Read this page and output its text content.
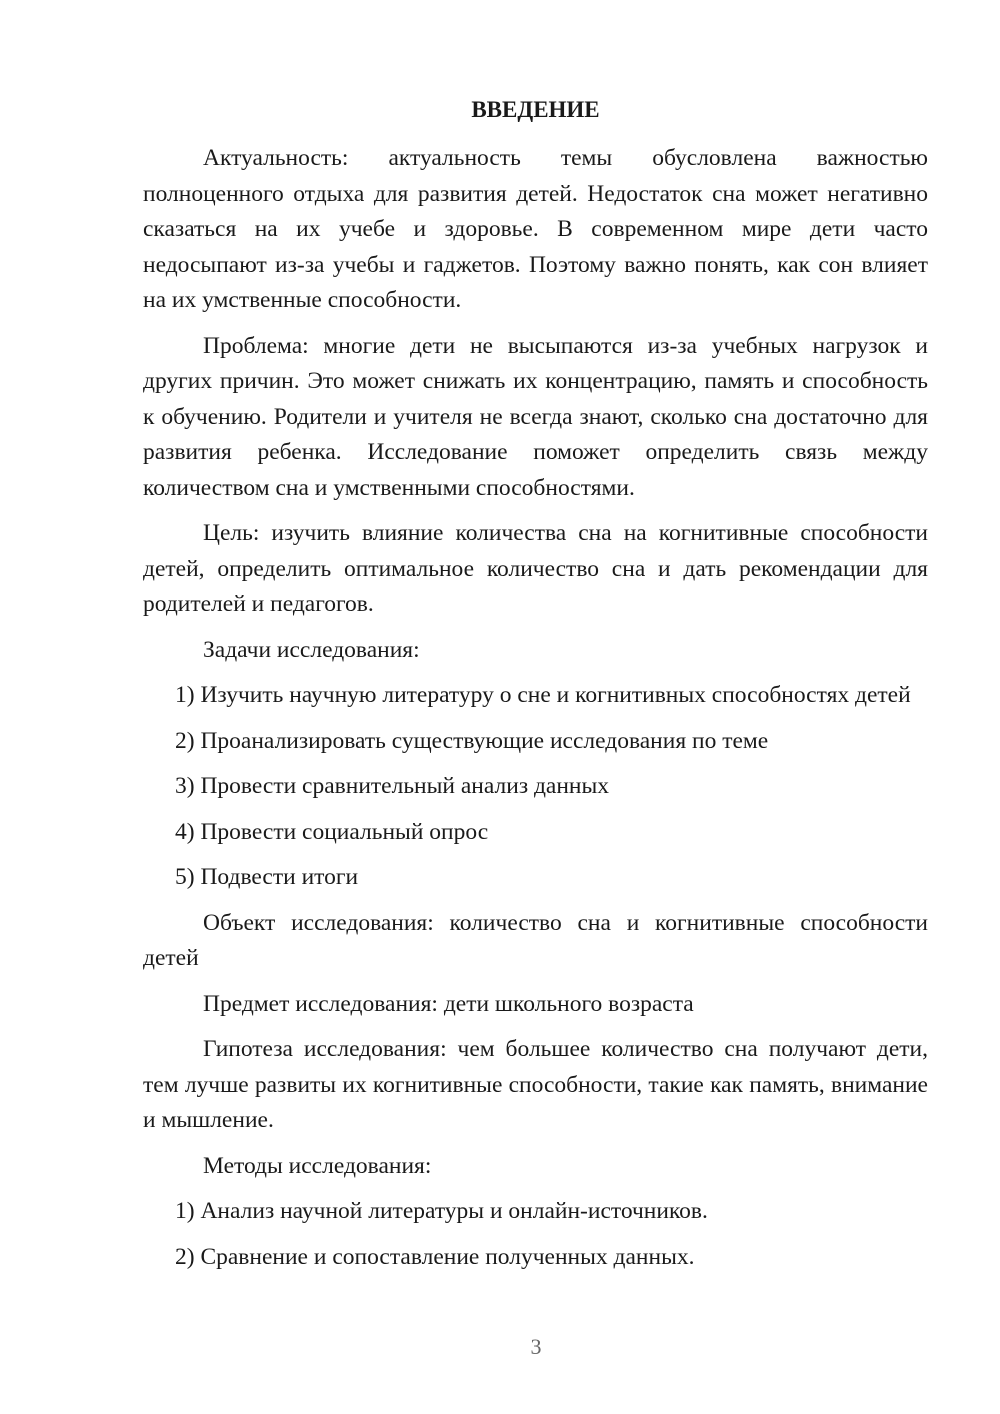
ВВЕДЕНИЕ

Актуальность: актуальность темы обусловлена важностью полноценного отдыха для развития детей. Недостаток сна может негативно сказаться на их учебе и здоровье. В современном мире дети часто недосыпают из-за учебы и гаджетов. Поэтому важно понять, как сон влияет на их умственные способности.

Проблема: многие дети не высыпаются из-за учебных нагрузок и других причин. Это может снижать их концентрацию, память и способность к обучению. Родители и учителя не всегда знают, сколько сна достаточно для развития ребенка. Исследование поможет определить связь между количеством сна и умственными способностями.

Цель: изучить влияние количества сна на когнитивные способности детей, определить оптимальное количество сна и дать рекомендации для родителей и педагогов.

Задачи исследования:

1) Изучить научную литературу о сне и когнитивных способностях детей

2) Проанализировать существующие исследования по теме

3) Провести сравнительный анализ данных

4) Провести социальный опрос

5) Подвести итоги

Объект исследования: количество сна и когнитивные способности детей

Предмет исследования: дети школьного возраста

Гипотеза исследования: чем большее количество сна получают дети, тем лучше развиты их когнитивные способности, такие как память, внимание и мышление.

Методы исследования:

1) Анализ научной литературы и онлайн-источников.

2) Сравнение и сопоставление полученных данных.

3
